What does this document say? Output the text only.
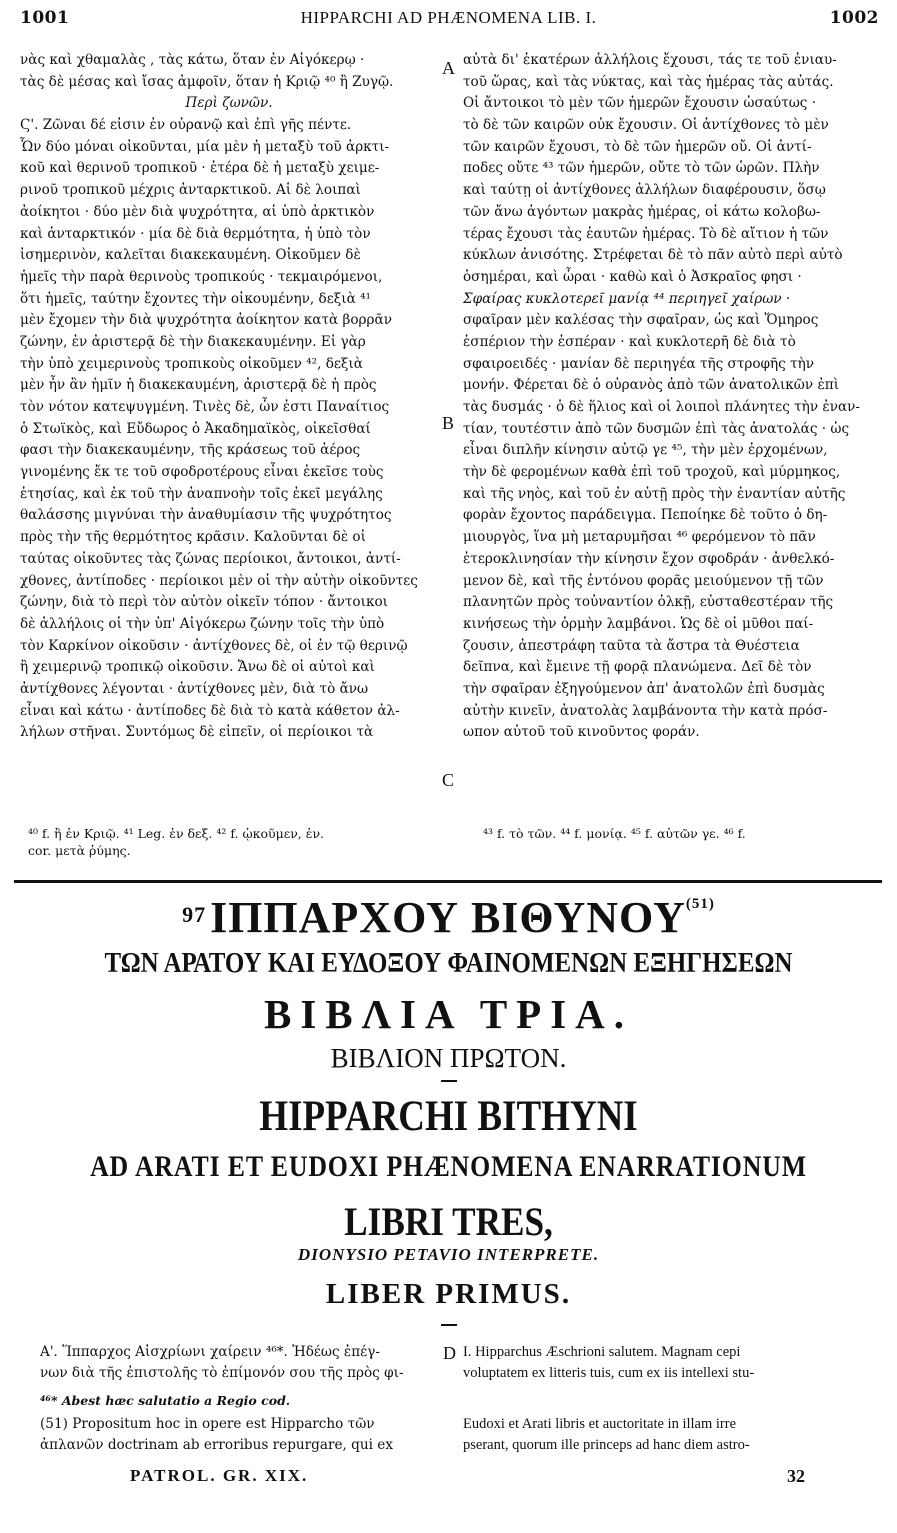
1001	HIPPARCHI AD PHÆNOMENA LIB. I.	1002
νὰς καὶ χθαμαλὰς , τὰς κάτω, ὅταν ἐν Αἰγόκερῳ ·
τὰς δὲ μέσας καὶ ἴσας ἀμφοῖν, ὅταν ἡ Κριῷ ⁴⁰ ἢ Ζυγῷ.
Περὶ ζωνῶν.
Ϛ'. Ζῶναι δέ εἰσιν ἐν οὐρανῷ καὶ ἐπὶ γῆς πέντε.
Ὧν δύο μόναι οἰκοῦνται, μία μὲν ἡ μεταξὺ τοῦ ἀρκτι-
κοῦ καὶ θερινοῦ τροπικοῦ · ἑτέρα δὲ ἡ μεταξὺ χειμε-
ρινοῦ τροπικοῦ μέχρις ἀνταρκτικοῦ. Αἱ δὲ λοιπαὶ
ἀοίκητοι · δύο μὲν διὰ ψυχρότητα, αἱ ὑπὸ ἀρκτικὸν
καὶ ἀνταρκτικόν · μία δὲ διὰ θερμότητα, ἡ ὑπὸ τὸν
ἰσημερινὸν, καλεῖται διακεκαυμένη. Οἰκοῦμεν δὲ
ἡμεῖς τὴν παρὰ θερινοὺς τροπικούς · τεκμαιρόμενοι,
ὅτι ἡμεῖς, ταύτην ἔχοντες τὴν οἰκουμένην, δεξιὰ ⁴¹
μὲν ἔχομεν τὴν διὰ ψυχρότητα ἀοίκητον κατὰ βορρᾶν
ζώνην, ἐν ἀριστερᾷ δὲ τὴν διακεκαυμένην. Εἰ γὰρ
τὴν ὑπὸ χειμερινοὺς τροπικοὺς οἰκοῦμεν ⁴², δεξιὰ
μὲν ἦν ἂν ἡμῖν ἡ διακεκαυμένη, ἀριστερᾷ δὲ ἡ πρὸς
τὸν νότον κατεψυγμένη. Τινὲς δὲ, ὧν ἐστι Παναίτιος
ὁ Στωϊκὸς, καὶ Εὔδωρος ὁ Ἀκαδημαϊκὸς, οἰκεῖσθαί
φασι τὴν διακεκαυμένην, τῆς κράσεως τοῦ ἀέρος
γινομένης ἔκ τε τοῦ σφοδροτέρους εἶναι ἐκεῖσε τοὺς
ἐτησίας, καὶ ἐκ τοῦ τὴν ἀναπνοὴν τοῖς ἐκεῖ μεγάλης
θαλάσσης μιγνύναι τὴν ἀναθυμίασιν τῆς ψυχρότητος
πρὸς τὴν τῆς θερμότητος κρᾶσιν. Καλοῦνται δὲ οἱ
ταύτας οἰκοῦντες τὰς ζώνας περίοικοι, ἄντοικοι, ἀντί-
χθονες, ἀντίποδες · περίοικοι μὲν οἱ τὴν αὐτὴν οἰκοῦντες
ζώνην, διὰ τὸ περὶ τὸν αὐτὸν οἰκεῖν τόπον · ἄντοικοι
δὲ ἀλλήλοις οἱ τὴν ὑπ' Αἰγόκερω ζώνην τοῖς τὴν ὑπὸ
τὸν Καρκίνον οἰκοῦσιν · ἀντίχθονες δὲ, οἱ ἐν τῷ θερινῷ
ἢ χειμερινῷ τροπικῷ οἰκοῦσιν. Ἄνω δὲ οἱ αὐτοὶ καὶ
ἀντίχθονες λέγονται · ἀντίχθονες μὲν, διὰ τὸ ἄνω
εἶναι καὶ κάτω · ἀντίποδες δὲ διὰ τὸ κατὰ κάθετον ἀλ-
λήλων στῆναι. Συντόμως δὲ εἰπεῖν, οἱ περίοικοι τὰ
αὐτὰ δι' ἑκατέρων ἀλλήλοις ἔχουσι, τάς τε τοῦ ἐνιαυ-
τοῦ ὥρας, καὶ τὰς νύκτας, καὶ τὰς ἡμέρας τὰς αὐτάς.
Οἱ ἄντοικοι τὸ μὲν τῶν ἡμερῶν ἔχουσιν ὡσαύτως ·
τὸ δὲ τῶν καιρῶν οὐκ ἔχουσιν. Οἱ ἀντίχθονες τὸ μὲν
τῶν καιρῶν ἔχουσι, τὸ δὲ τῶν ἡμερῶν οὔ. Οἱ ἀντί-
ποδες οὔτε ⁴³ τῶν ἡμερῶν, οὔτε τὸ τῶν ὡρῶν. Πλὴν
καὶ ταύτῃ οἱ ἀντίχθονες ἀλλήλων διαφέρουσιν, ὅσῳ
τῶν ἄνω ἀγόντων μακρὰς ἡμέρας, οἱ κάτω κολοβω-
τέρας ἔχουσι τὰς ἑαυτῶν ἡμέρας. Τὸ δὲ αἴτιον ἡ τῶν
κύκλων ἀνισότης. Στρέφεται δὲ τὸ πᾶν αὐτὸ περὶ αὐτὸ
ὁσημέραι, καὶ ὧραι · καθὼ καὶ ὁ Ἀσκραῖος φησι ·
Σφαίρας κυκλοτερεῖ μανίᾳ ⁴⁴ περιηγεῖ χαίρων ·
σφαῖραν μὲν καλέσας τὴν σφαῖραν, ὡς καὶ Ὅμηρος
ἑσπέριον τὴν ἑσπέραν · καὶ κυκλοτερῆ δὲ διὰ τὸ
σφαιροειδές · μανίαν δὲ περιηγέα τῆς στροφῆς τὴν
μονήν. Φέρεται δὲ ὁ οὐρανὸς ἀπὸ τῶν ἀνατολικῶν ἐπὶ
τὰς δυσμάς · ὁ δὲ ἥλιος καὶ οἱ λοιποὶ πλάνητες τὴν ἐναν-
τίαν, τουτέστιν ἀπὸ τῶν δυσμῶν ἐπὶ τὰς ἀνατολάς · ὡς
εἶναι διπλῆν κίνησιν αὐτῷ γε ⁴⁵, τὴν μὲν ἐρχομένων,
τὴν δὲ φερομένων καθὰ ἐπὶ τοῦ τροχοῦ, καὶ μύρμηκος,
καὶ τῆς νηὸς, καὶ τοῦ ἐν αὐτῇ πρὸς τὴν ἐναντίαν αὐτῆς
φορὰν ἔχοντος παράδειγμα. Πεποίηκε δὲ τοῦτο ὁ δη-
μιουργὸς, ἵνα μὴ μεταρυμῆσαι ⁴⁶ φερόμενον τὸ πᾶν
ἑτεροκλινησίαν τὴν κίνησιν ἔχον σφοδράν · ἀνθελκό-
μενον δὲ, καὶ τῆς ἐντόνου φορᾶς μειούμενον τῇ τῶν
πλανητῶν πρὸς τοὐναντίον ὁλκῇ, εὐσταθεστέραν τῆς
κινήσεως τὴν ὁρμὴν λαμβάνοι. Ὡς δὲ οἱ μῦθοι παί-
ζουσιν, ἀπεστράφη ταῦτα τὰ ἄστρα τὰ Θυέστεια
δεῖπνα, καὶ ἔμεινε τῇ φορᾷ πλανώμενα. Δεῖ δὲ τὸν
τὴν σφαῖραν ἐξηγούμενον ἀπ' ἀνατολῶν ἐπὶ δυσμὰς
αὐτὴν κινεῖν, ἀνατολὰς λαμβάνοντα τὴν κατὰ πρόσ-
ωπον αὐτοῦ τοῦ κινοῦντος φοράν.
A
B
C
D
⁴⁰ f. ἢ ἐν Κριῷ. ⁴¹ Leg. ἐν δεξ. ⁴² f. ᾠκοῦμεν, ἐν.
cor. μετὰ ῥύμης.
⁴³ f. τὸ τῶν. ⁴⁴ f. μονίᾳ. ⁴⁵ f. αὐτῶν γε. ⁴⁶ f.
$^{97}$ΙΠΠΑΡΧΟΥ ΒΙΘΥΝΟΥ$^{(51)}$
ΤΩΝ ΑΡΑΤΟΥ ΚΑΙ ΕΥΔΟΞΟΥ ΦΑΙΝΟΜΕΝΩΝ ΕΞΗΓΗΣΕΩΝ
ΒΙΒΛΙΑ ΤΡΙΑ.
ΒΙΒΛΙΟΝ ΠΡΩΤΟΝ.
HIPPARCHI BITHYNI
AD ARATI ET EUDOXI PHÆNOMENA ENARRATIONUM
LIBRI TRES,
DIONYSIO PETAVIO INTERPRETE.
LIBER PRIMUS.
Α'. Ἵππαρχος Αἰσχρίωνι χαίρειν ⁴⁶*. Ἡδέως ἐπέγ-
νων διὰ τῆς ἐπιστολῆς τὸ ἐπίμονόν σου τῆς πρὸς φι-
⁴⁶* Abest hæc salutatio a Regio cod.
(51) Propositum hoc in opere est Hipparcho τῶν
ἀπλανῶν doctrinam ab erroribus repurgare, qui ex
I. Hipparchus Æschrioni salutem. Magnam cepi
voluptatem ex litteris tuis, cum ex iis intellexi stu-
Eudoxi et Arati libris et auctoritate in illam irre
pserant, quorum ille princeps ad hanc diem astro-
PATROL. GR. XIX.	32
